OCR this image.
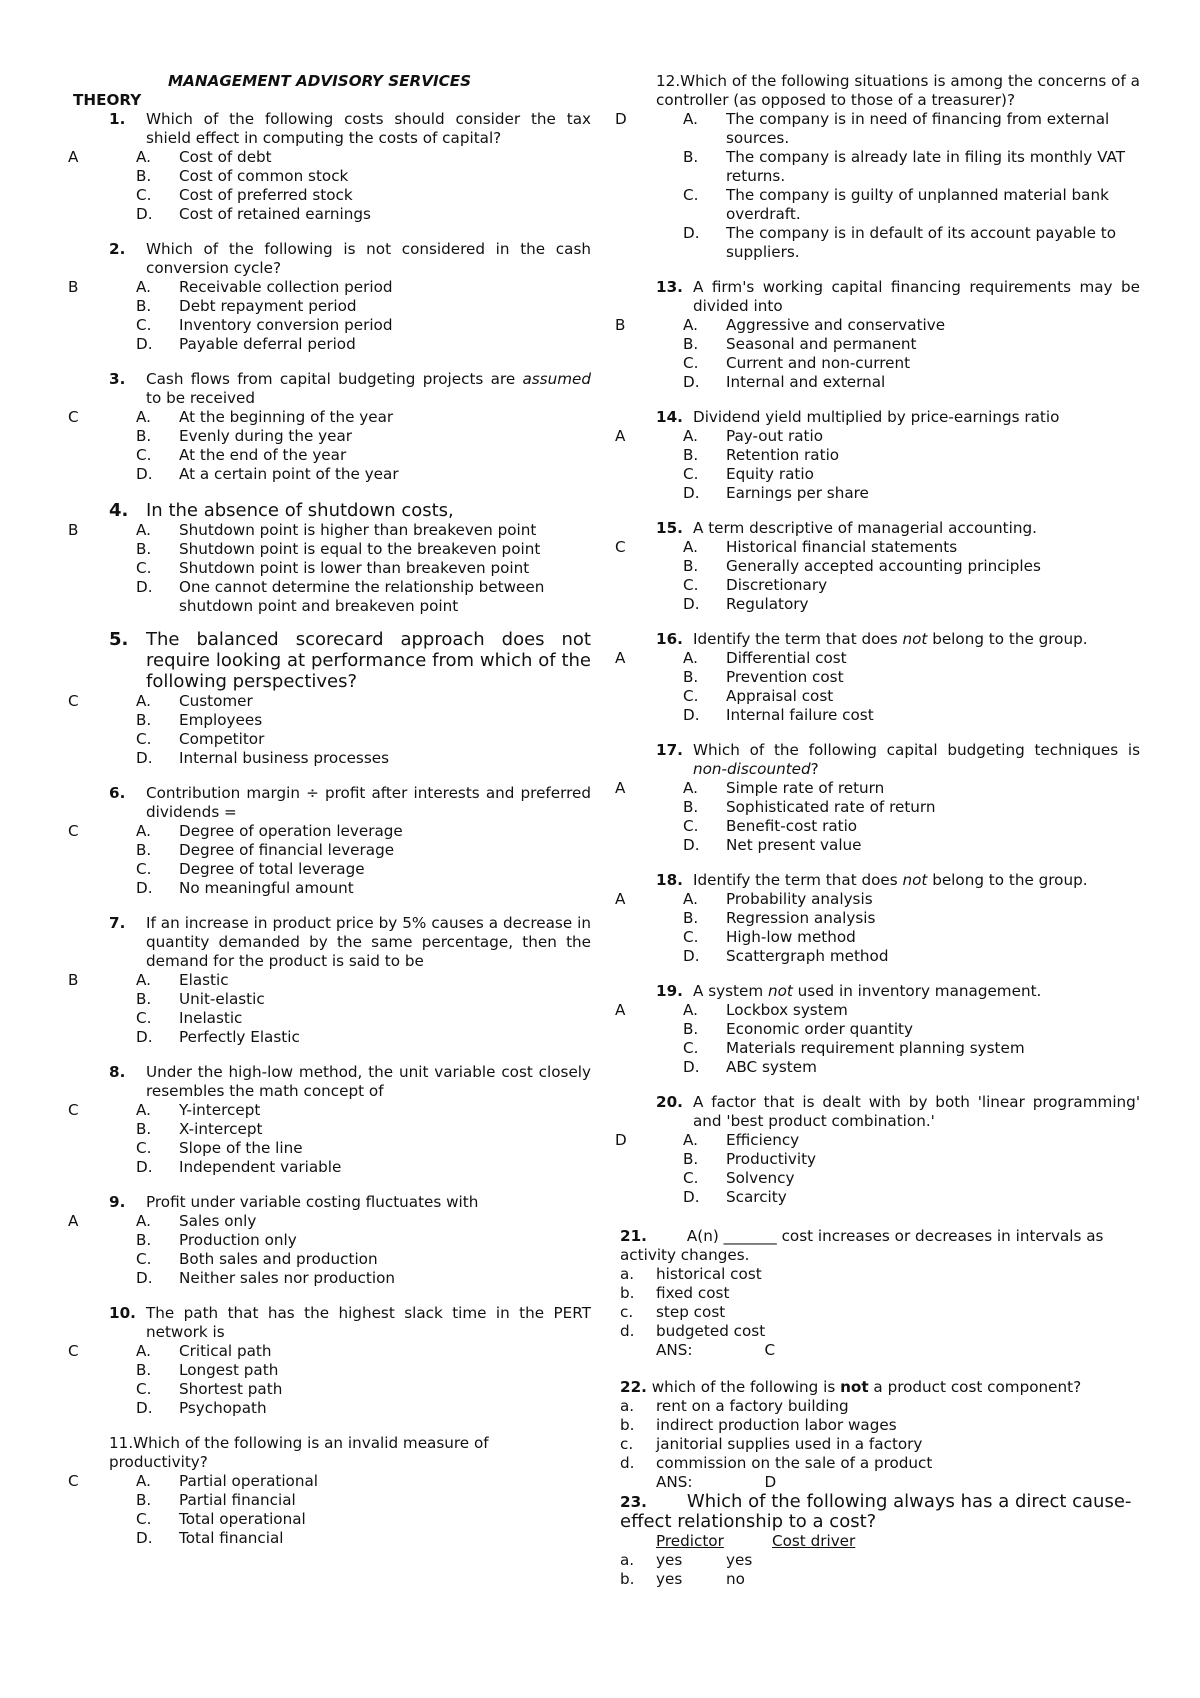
MANAGEMENT ADVISORY SERVICES
THEORY
1. Which of the following costs should consider the tax shield effect in computing the costs of capital?
A	A. Cost of debt
B. Cost of common stock
C. Cost of preferred stock
D. Cost of retained earnings
2. Which of the following is not considered in the cash conversion cycle?
B	A. Receivable collection period
B. Debt repayment period
C. Inventory conversion period
D. Payable deferral period
3. Cash flows from capital budgeting projects are assumed to be received
C	A. At the beginning of the year
B. Evenly during the year
C. At the end of the year
D. At a certain point of the year
4. In the absence of shutdown costs,
B	A. Shutdown point is higher than breakeven point
B. Shutdown point is equal to the breakeven point
C. Shutdown point is lower than breakeven point
D. One cannot determine the relationship between shutdown point and breakeven point
5. The balanced scorecard approach does not require looking at performance from which of the following perspectives?
C	A. Customer
B. Employees
C. Competitor
D. Internal business processes
6. Contribution margin ÷ profit after interests and preferred dividends =
C	A. Degree of operation leverage
B. Degree of financial leverage
C. Degree of total leverage
D. No meaningful amount
7. If an increase in product price by 5% causes a decrease in quantity demanded by the same percentage, then the demand for the product is said to be
B	A. Elastic
B. Unit-elastic
C. Inelastic
D. Perfectly Elastic
8. Under the high-low method, the unit variable cost closely resembles the math concept of
C	A. Y-intercept
B. X-intercept
C. Slope of the line
D. Independent variable
9. Profit under variable costing fluctuates with
A	A. Sales only
B. Production only
C. Both sales and production
D. Neither sales nor production
10. The path that has the highest slack time in the PERT network is
C	A. Critical path
B. Longest path
C. Shortest path
D. Psychopath
11.Which of the following is an invalid measure of productivity?
C	A. Partial operational
B. Partial financial
C. Total operational
D. Total financial
12.Which of the following situations is among the concerns of a controller (as opposed to those of a treasurer)?
D	A. The company is in need of financing from external sources.
B. The company is already late in filing its monthly VAT returns.
C. The company is guilty of unplanned material bank overdraft.
D. The company is in default of its account payable to suppliers.
13. A firm's working capital financing requirements may be divided into
B	A. Aggressive and conservative
B. Seasonal and permanent
C. Current and non-current
D. Internal and external
14. Dividend yield multiplied by price-earnings ratio
A	A. Pay-out ratio
B. Retention ratio
C. Equity ratio
D. Earnings per share
15. A term descriptive of managerial accounting.
C	A. Historical financial statements
B. Generally accepted accounting principles
C. Discretionary
D. Regulatory
16. Identify the term that does not belong to the group.
A	A. Differential cost
B. Prevention cost
C. Appraisal cost
D. Internal failure cost
17. Which of the following capital budgeting techniques is non-discounted?
A	A. Simple rate of return
B. Sophisticated rate of return
C. Benefit-cost ratio
D. Net present value
18. Identify the term that does not belong to the group.
A	A. Probability analysis
B. Regression analysis
C. High-low method
D. Scattergraph method
19. A system not used in inventory management.
A	A. Lockbox system
B. Economic order quantity
C. Materials requirement planning system
D. ABC system
20. A factor that is dealt with by both 'linear programming' and 'best product combination.'
D	A. Efficiency
B. Productivity
C. Solvency
D. Scarcity
21.	A(n) _______ cost increases or decreases in intervals as activity changes.
a. historical cost
b. fixed cost
c. step cost
d. budgeted cost
ANS:	C
22. which of the following is not a product cost component?
a. rent on a factory building
b. indirect production labor wages
c. janitorial supplies used in a factory
d. commission on the sale of a product
ANS:	D
23. Which of the following always has a direct cause-effect relationship to a cost?
Predictor	Cost driver
a. yes	yes
b. yes	no
